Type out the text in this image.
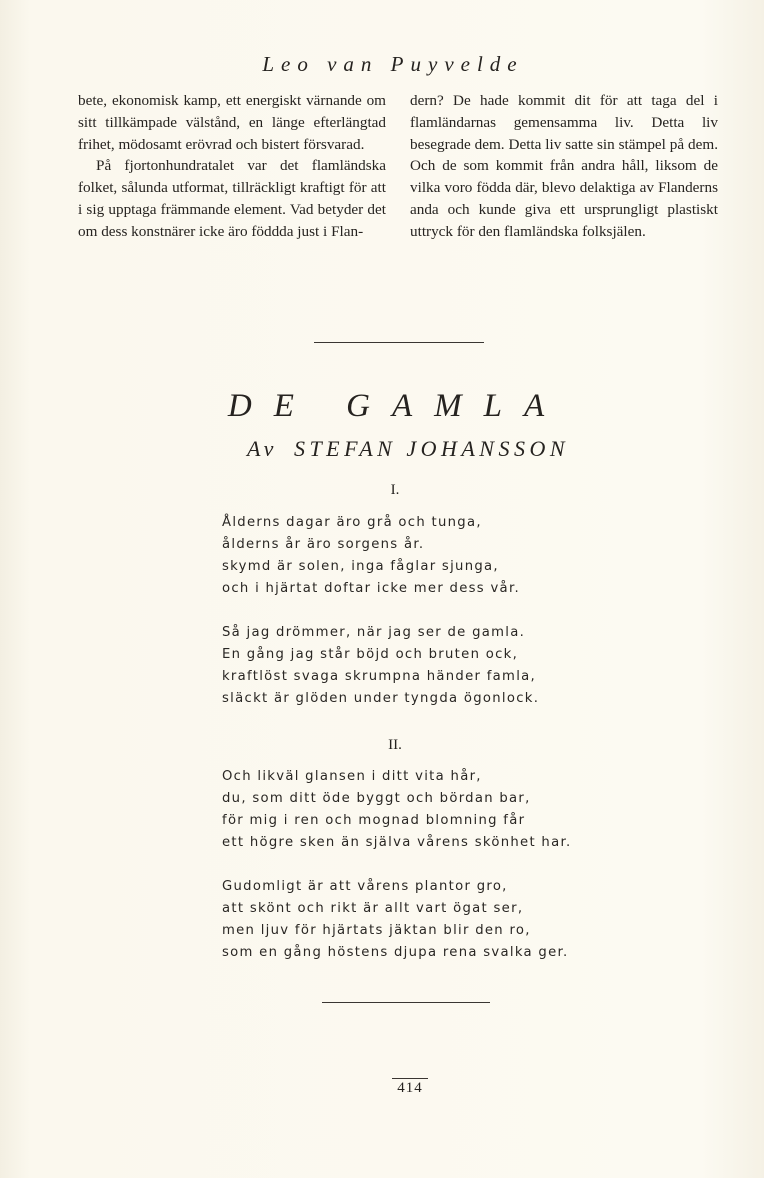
Leo van Puyvelde

bete, ekonomisk kamp, ett energiskt värnande om sitt tillkämpade välstånd, en länge efterlängtad frihet, mödosamt erövrad och bistert försvarad.

På fjortonhundratalet var det flamländska folket, sålunda utformat, tillräckligt kraftigt för att i sig upptaga främmande element. Vad betyder det om dess konstnärer icke äro föddda just i Flan-

dern? De hade kommit dit för att taga del i flamländarnas gemensamma liv. Detta liv besegrade dem. Detta liv satte sin stämpel på dem. Och de som kommit från andra håll, liksom de vilka voro födda där, blevo delaktiga av Flanderns anda och kunde giva ett ursprungligt plastiskt uttryck för den flamländska folksjälen.

DE GAMLA
Av STEFAN JOHANSSON
I.
Ålderns dagar äro grå och tunga,
ålderns år äro sorgens år.
skymd är solen, inga fåglar sjunga,
och i hjärtat doftar icke mer dess vår.
Så jag drömmer, när jag ser de gamla.
En gång jag står böjd och bruten ock,
kraftlöst svaga skrumpna händer famla,
släckt är glöden under tyngda ögonlock.
II.
Och likväl glansen i ditt vita hår,
du, som ditt öde byggt och bördan bar,
för mig i ren och mognad blomning får
ett högre sken än själva vårens skönhet har.
Gudomligt är att vårens plantor gro,
att skönt och rikt är allt vart ögat ser,
men ljuv för hjärtats jäktan blir den ro,
som en gång höstens djupa rena svalka ger.
414
